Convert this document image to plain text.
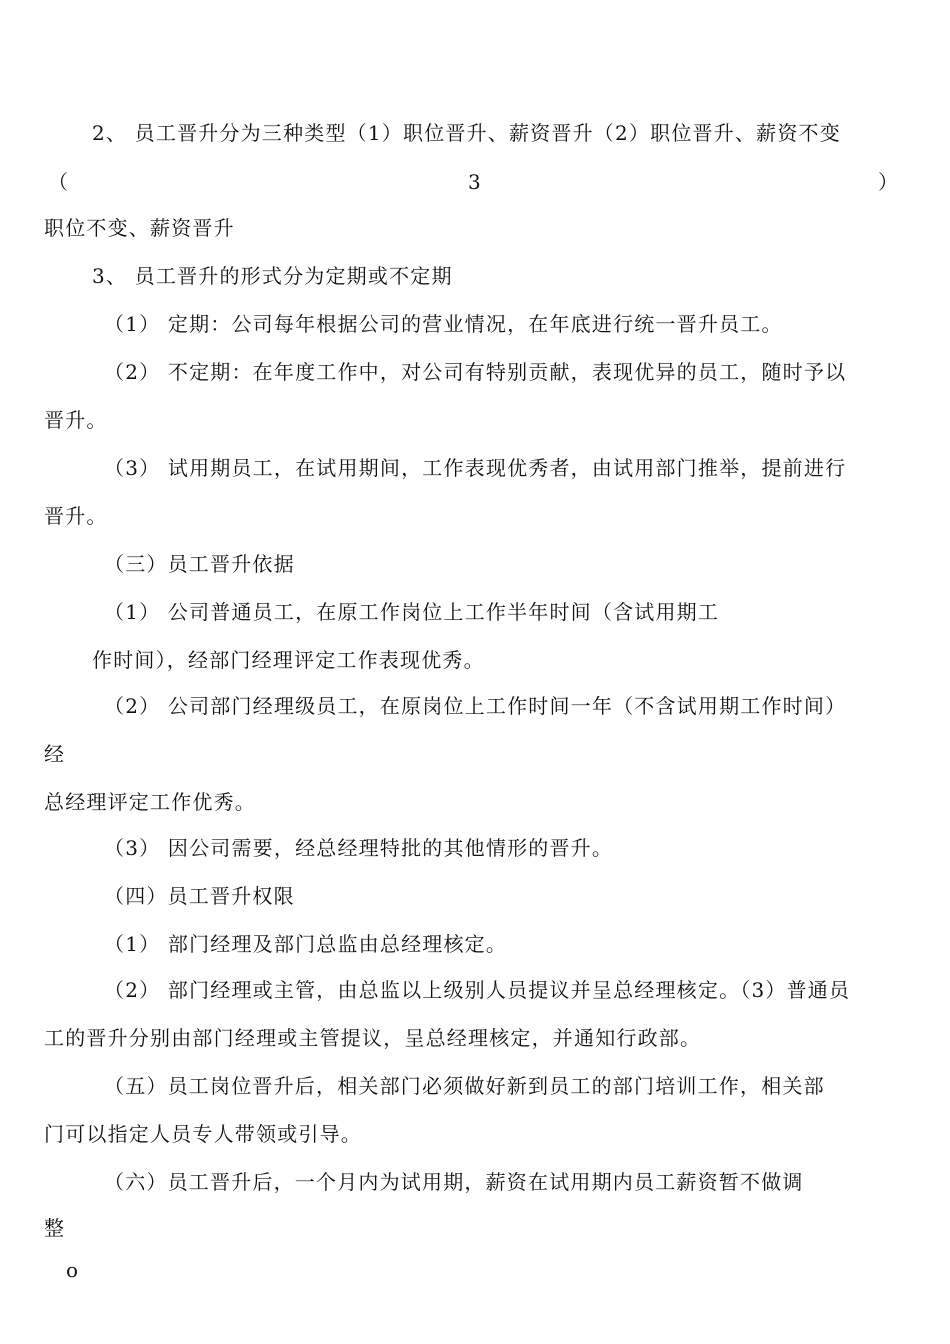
2、 员工晋升分为三种类型（1）职位晋升、薪资晋升（2）职位晋升、薪资不变
（	3	）
职位不变、薪资晋升
3、 员工晋升的形式分为定期或不定期
（1） 定期：公司每年根据公司的营业情况，在年底进行统一晋升员工。
（2） 不定期：在年度工作中，对公司有特别贡献，表现优异的员工，随时予以
晋升。
（3） 试用期员工，在试用期间，工作表现优秀者，由试用部门推举，提前进行
晋升。
（三）员工晋升依据
（1） 公司普通员工，在原工作岗位上工作半年时间（含试用期工
作时间），经部门经理评定工作表现优秀。
（2） 公司部门经理级员工，在原岗位上工作时间一年（不含试用期工作时间）
经
总经理评定工作优秀。
（3） 因公司需要，经总经理特批的其他情形的晋升。
（四）员工晋升权限
（1） 部门经理及部门总监由总经理核定。
（2） 部门经理或主管，由总监以上级别人员提议并呈总经理核定。（3）普通员
工的晋升分别由部门经理或主管提议，呈总经理核定，并通知行政部。
（五）员工岗位晋升后，相关部门必须做好新到员工的部门培训工作，相关部
门可以指定人员专人带领或引导。
（六）员工晋升后，一个月内为试用期，薪资在试用期内员工薪资暂不做调
整
o
